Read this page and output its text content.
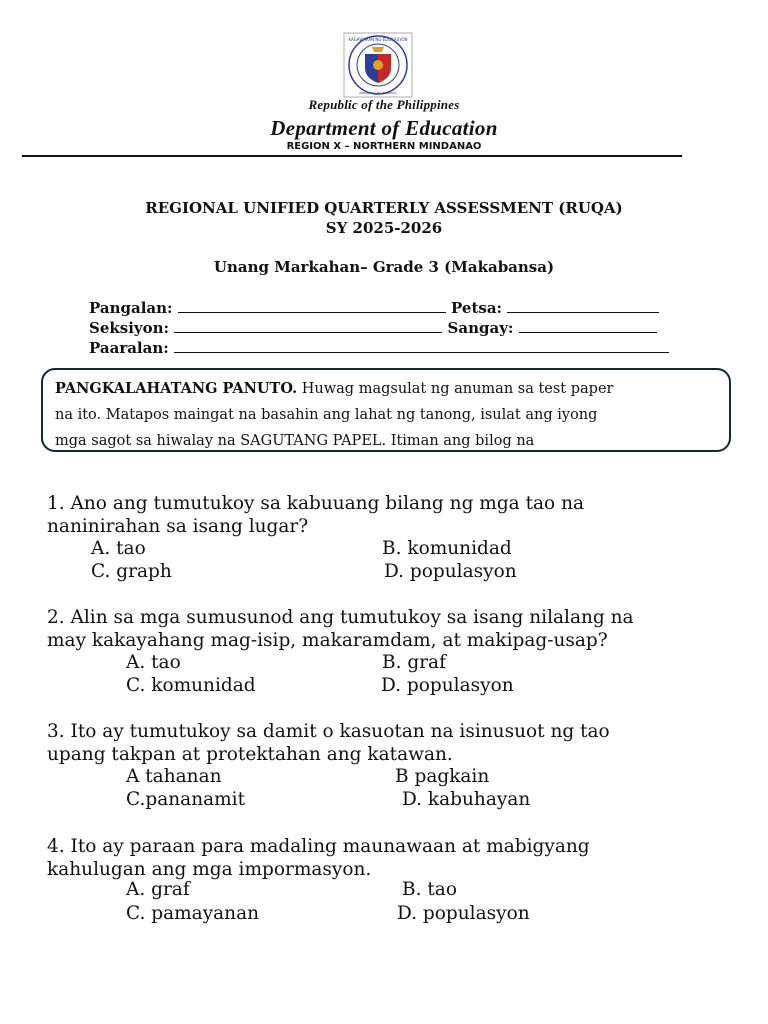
KAGAWARAN NG EDUKASYON
REPUBLIKA NG PILIPINAS
Republic of the Philippines
Department of Education
REGION X – NORTHERN MINDANAO
REGIONAL UNIFIED QUARTERLY ASSESSMENT (RUQA)
SY 2025-2026
Unang Markahan– Grade 3 (Makabansa)
Pangalan:	Petsa:
Seksiyon:	Sangay:
Paaralan:
PANGKALAHATANG PANUTO. Huwag magsulat ng anuman sa test paper
na ito. Matapos maingat na basahin ang lahat ng tanong, isulat ang iyong
mga sagot sa hiwalay na SAGUTANG PAPEL. Itiman ang bilog na
1. Ano ang tumutukoy sa kabuuang bilang ng mga tao na
naninirahan sa isang lugar?
A. tao	B. komunidad
C. graph	D. populasyon
2. Alin sa mga sumusunod ang tumutukoy sa isang nilalang na
may kakayahang mag-isip, makaramdam, at makipag-usap?
A. tao	B. graf
C. komunidad	D. populasyon
3. Ito ay tumutukoy sa damit o kasuotan na isinusuot ng tao
upang takpan at protektahan ang katawan.
A tahanan	B pagkain
C.pananamit	D. kabuhayan
4. Ito ay paraan para madaling maunawaan at mabigyang
kahulugan ang mga impormasyon.
A. graf	B. tao
C. pamayanan	D. populasyon
